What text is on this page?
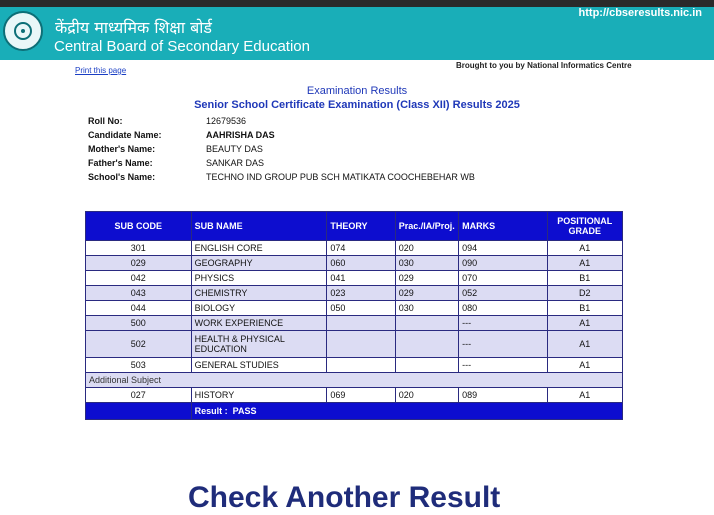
केंद्रीय माध्यमिक शिक्षा बोर्ड
Central Board of Secondary Education
http://cbseresults.nic.in
Print this page
Brought to you by National Informatics Centre
Examination Results
Senior School Certificate Examination (Class XII) Results 2025
Roll No:	12679536
Candidate Name:	AAHRISHA DAS
Mother's Name:	BEAUTY DAS
Father's Name:	SANKAR DAS
School's Name:	TECHNO IND GROUP PUB SCH MATIKATA COOCHEBEHAR WB
SUB CODE	SUB NAME	THEORY	Prac./IA/Proj.	MARKS	POSITIONAL GRADE
301	ENGLISH CORE	074	020	094	A1
029	GEOGRAPHY	060	030	090	A1
042	PHYSICS	041	029	070	B1
043	CHEMISTRY	023	029	052	D2
044	BIOLOGY	050	030	080	B1
500	WORK EXPERIENCE			---	A1
502	HEALTH & PHYSICAL EDUCATION			---	A1
503	GENERAL STUDIES			---	A1
Additional Subject					
027	HISTORY	069	020	089	A1
	Result : PASS				
Check Another Result
